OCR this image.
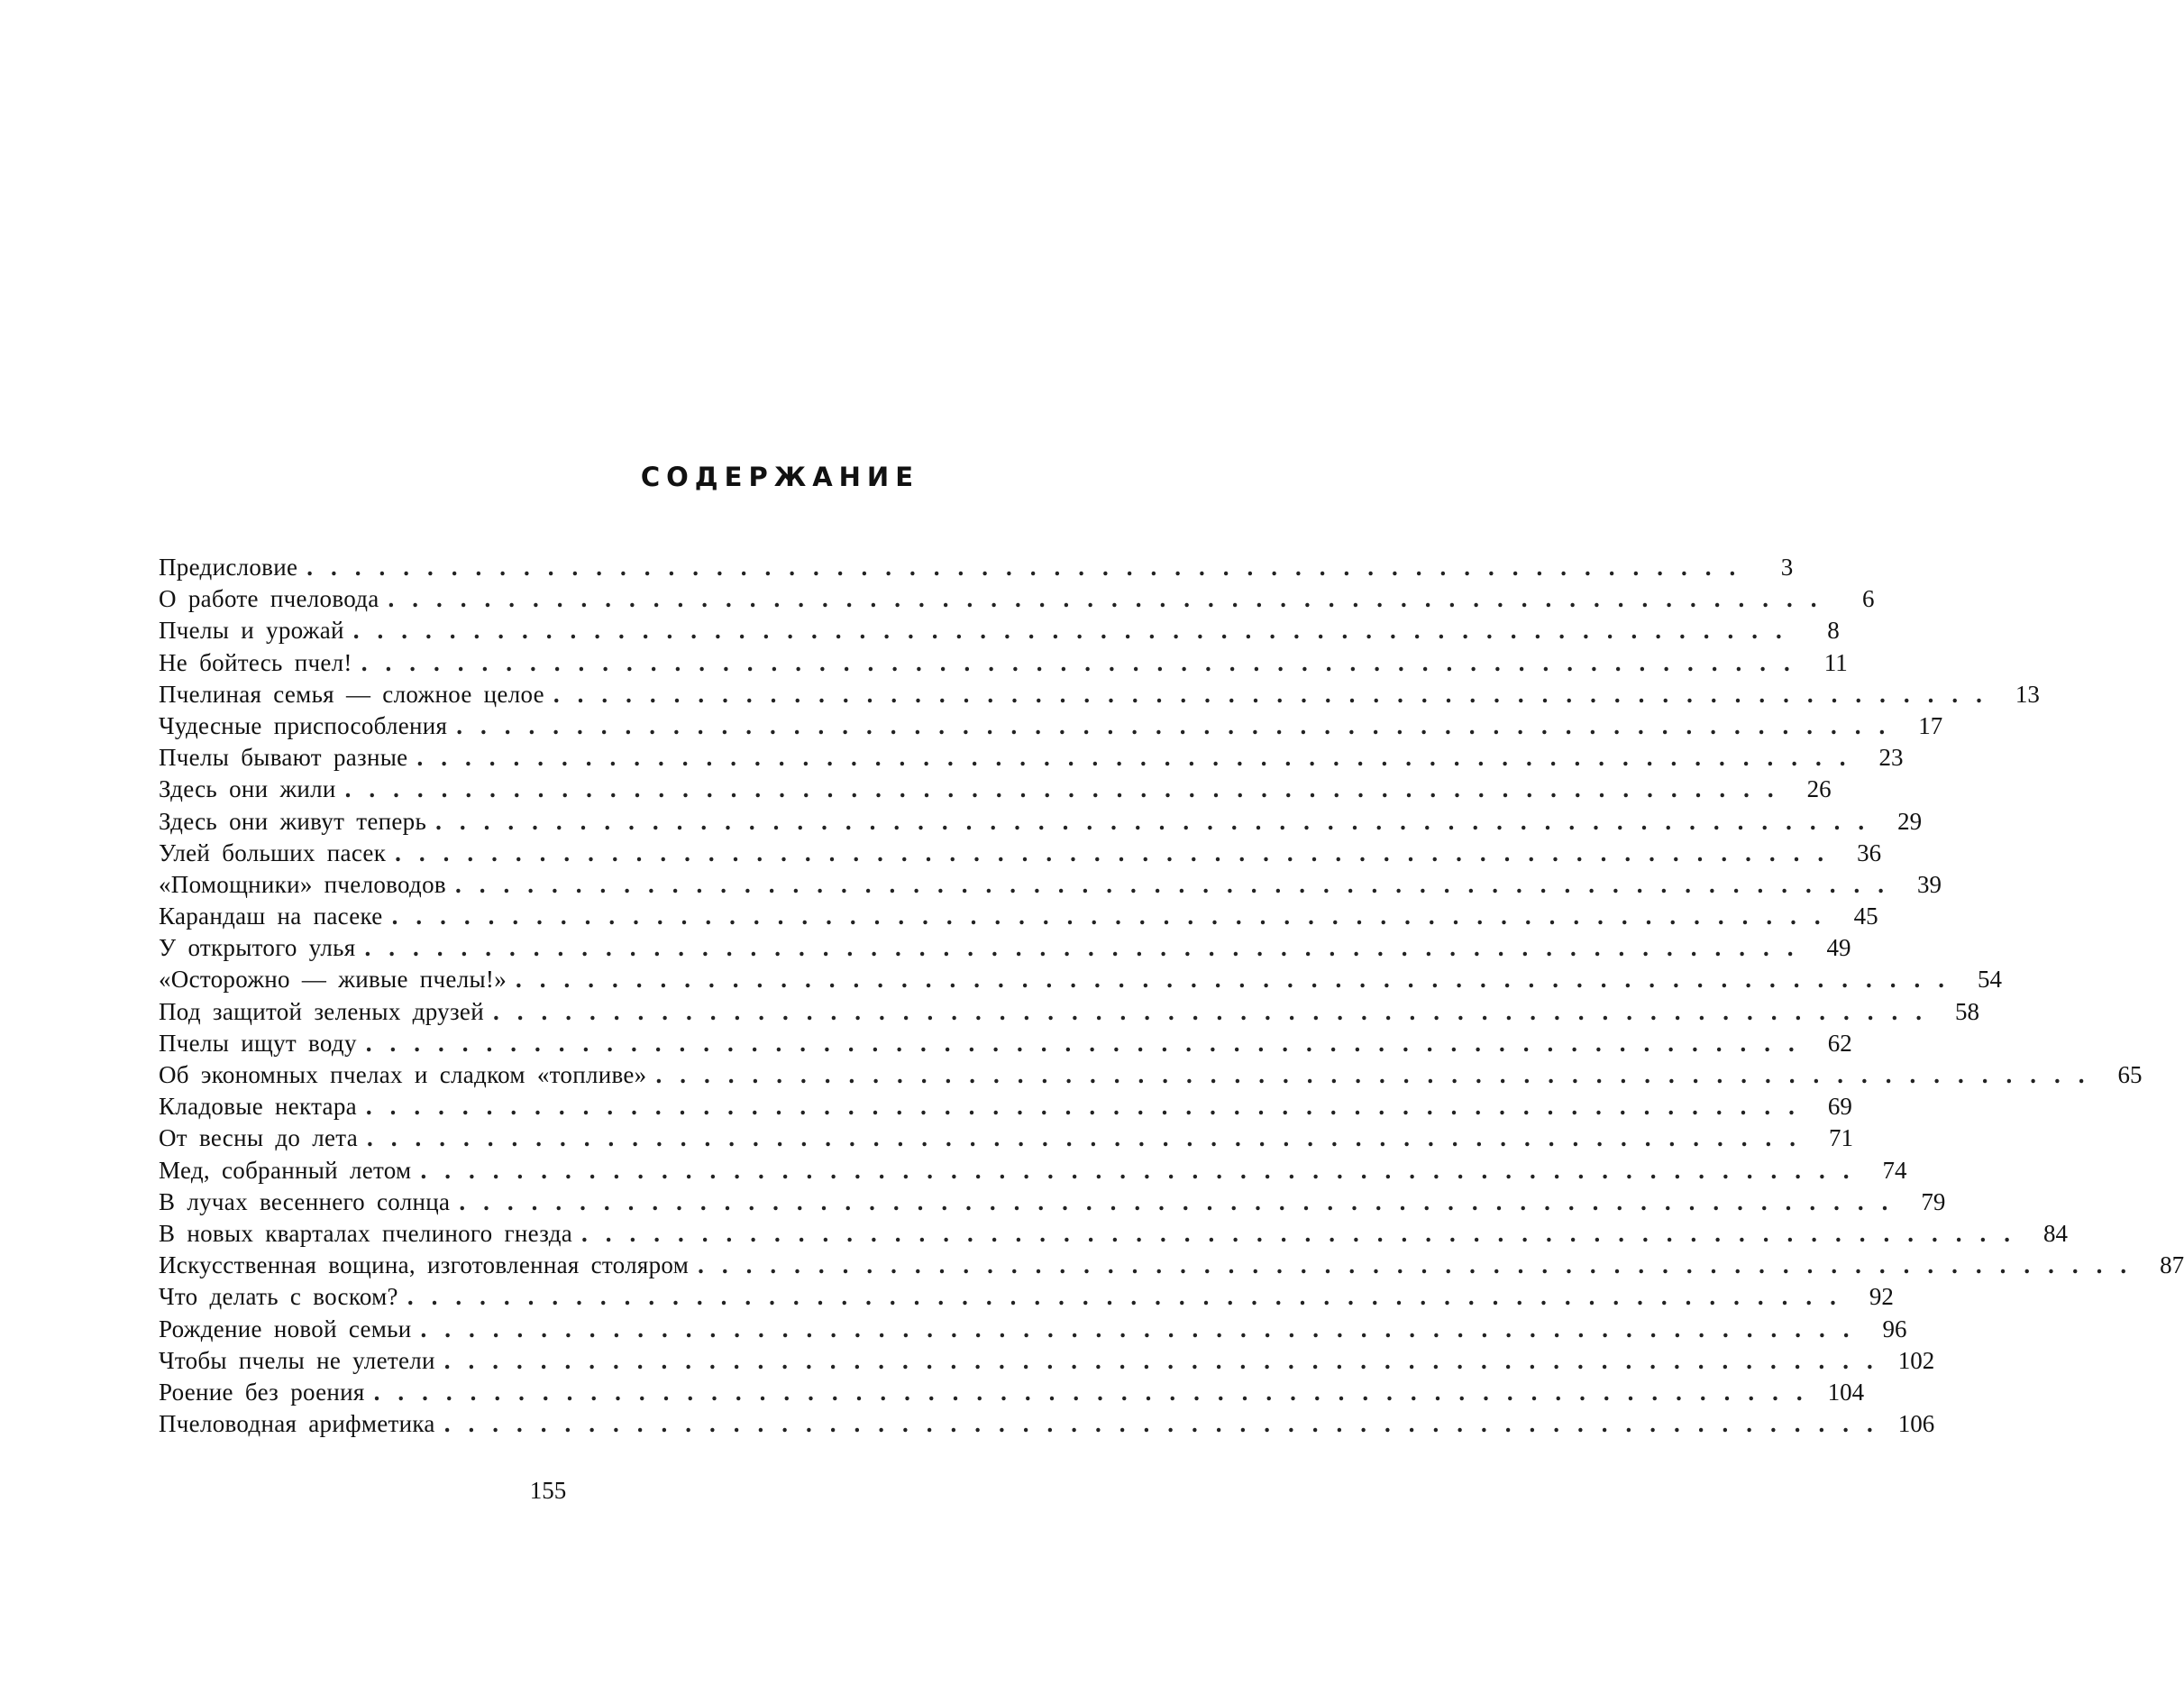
СОДЕРЖАНИЕ
Предисловие ............................................................	3
О работе пчеловода ............................................................	6
Пчелы и урожай ............................................................	8
Не бойтесь пчел! ............................................................ 11
Пчелиная семья — сложное целое ............................................................ 13
Чудесные приспособления ............................................................ 17
Пчелы бывают разные ............................................................ 23
Здесь они жили ............................................................ 26
Здесь они живут теперь ............................................................ 29
Улей больших пасек ............................................................ 36
«Помощники» пчеловодов ............................................................ 39
Карандаш на пасеке ............................................................ 45
У открытого улья ............................................................ 49
«Осторожно — живые пчелы!» ............................................................ 54
Под защитой зеленых друзей ............................................................ 58
Пчелы ищут воду ............................................................ 62
Об экономных пчелах и сладком «топливе» ............................................................ 65
Кладовые нектара ............................................................ 69
От весны до лета ............................................................ 71
Мед, собранный летом ............................................................ 74
В лучах весеннего солнца ............................................................ 79
В новых кварталах пчелиного гнезда ............................................................ 84
Искусственная вощина, изготовленная столяром ............................................................ 87
Что делать с воском? ............................................................ 92
Рождение новой семьи ............................................................ 96
Чтобы пчелы не улетели ............................................................ 102
Роение без роения ............................................................ 104
Пчеловодная арифметика ............................................................ 106
155
